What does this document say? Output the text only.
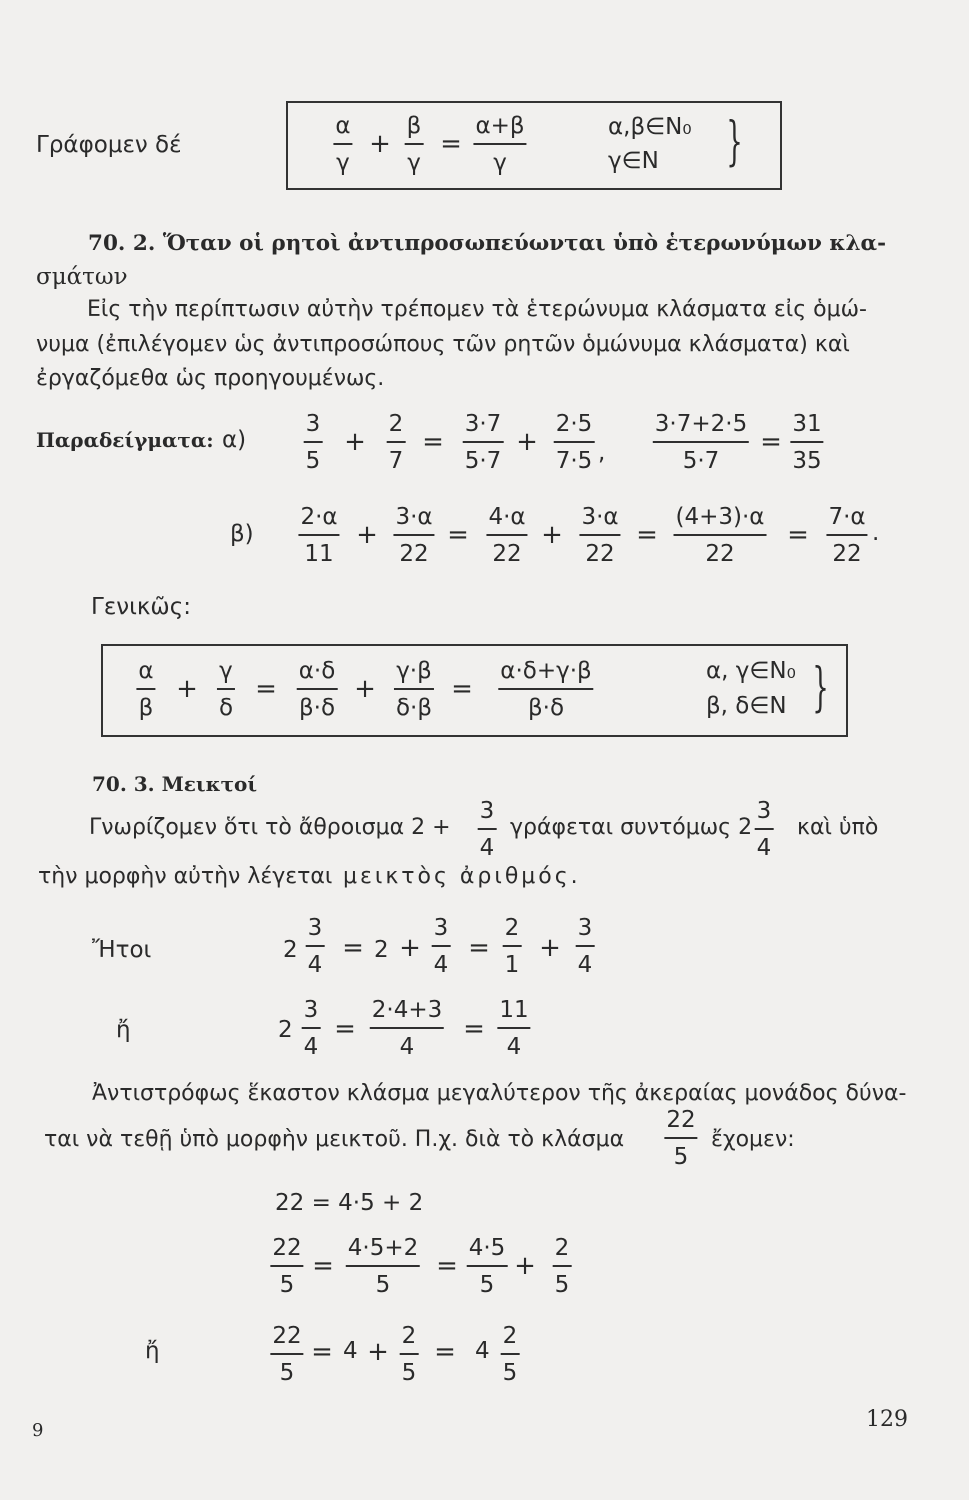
Γράφομεν δέ
α
γ
+
β
γ
=
α+β
γ
α,β∈N₀
γ∈N }
70. 2. Ὅταν οἱ ρητοὶ ἀντιπροσωπεύωνται ὑπὸ ἑτερωνύμων κλα-
σμάτων
Εἰς τὴν περίπτωσιν αὐτὴν τρέπομεν τὰ ἑτερώνυμα κλάσματα εἰς ὁμώ-
νυμα (ἐπιλέγομεν ὡς ἀντιπροσώπους τῶν ρητῶν ὁμώνυμα κλάσματα) καὶ
ἐργαζόμεθα ὡς προηγουμένως.
Παραδείγματα: α)
3
5
+
2
7
=
3·7
5·7
+
2·5
7·5 ,
3·7+2·5
5·7
=
31
35
β)
2·α
11
+
3·α
22
=
4·α
22
+
3·α
22
=
(4+3)·α
22
=
7·α
22
.
Γενικῶς:
α
β
+
γ
δ
=
α·δ
β·δ
+
γ·β
δ·β
=
α·δ+γ·β
β·δ
α, γ∈N₀
β, δ∈N }
70. 3. Μεικτοί
Γνωρίζομεν ὅτι τὸ ἄθροισμα 2 +
3
4
γράφεται συντόμως 2
3
4
καὶ ὑπὸ
τὴν μορφὴν αὐτὴν λέγεται μεικτὸς ἀριθμός.
Ἤτοι	2
3
4
= 2 +
3
4
=
2
1
+
3
4
ἤ	2
3
4
=
2·4+3
4
=
11
4
Ἀντιστρόφως ἕκαστον κλάσμα μεγαλύτερον τῆς ἀκεραίας μονάδος δύνα-
ται νὰ τεθῇ ὑπὸ μορφὴν μεικτοῦ. Π.χ. διὰ τὸ κλάσμα
22
5
ἔχομεν:
22 = 4·5 + 2
22
5
=
4·5+2
5
=
4·5
5
+
2
5
ἤ
22
5
= 4 +
2
5
= 4
2
5
9	129
